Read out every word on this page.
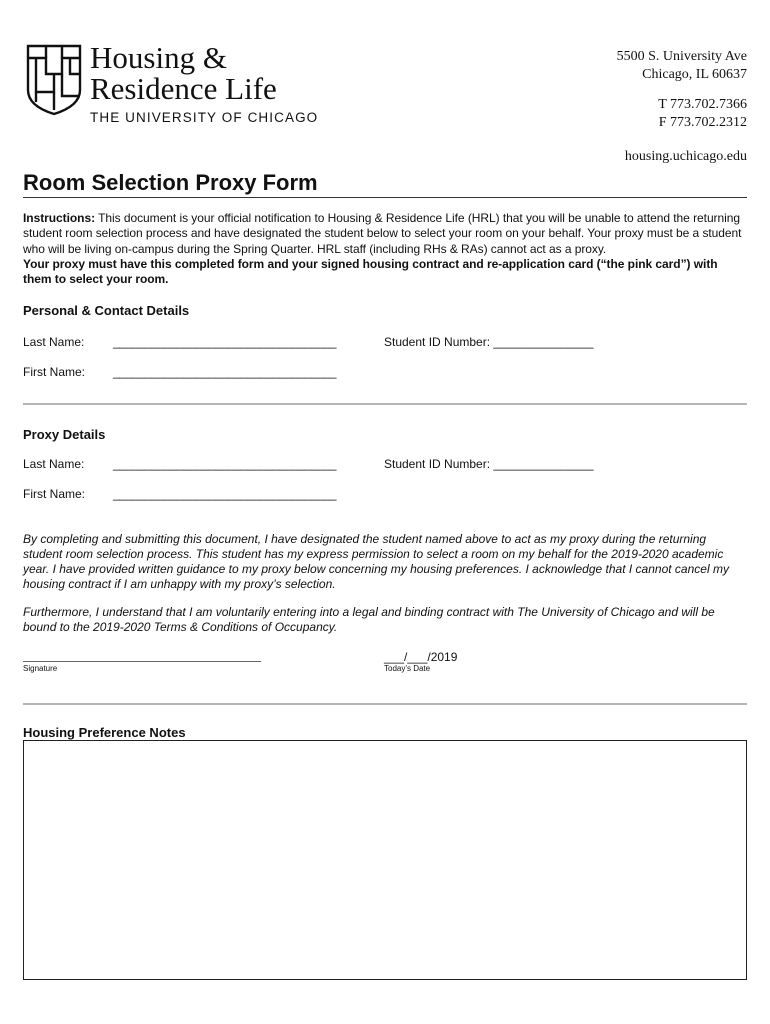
Housing &
Residence Life
THE UNIVERSITY OF CHICAGO
5500 S. University Ave
Chicago, IL 60637
T 773.702.7366
F 773.702.2312
housing.uchicago.edu
Room Selection Proxy Form
Instructions: This document is your official notification to Housing & Residence Life (HRL) that you will be unable to attend the returning student room selection process and have designated the student below to select your room on your behalf. Your proxy must be a student who will be living on-campus during the Spring Quarter. HRL staff (including RHs & RAs) cannot act as a proxy.
Your proxy must have this completed form and your signed housing contract and re-application card (“the pink card”) with them to select your room.
Personal & Contact Details
Last Name: ___________________________________	Student ID Number: _______________
First Name: ___________________________________
Proxy Details
Last Name: ___________________________________	Student ID Number: _______________
First Name: ___________________________________
By completing and submitting this document, I have designated the student named above to act as my proxy during the returning student room selection process. This student has my express permission to select a room on my behalf for the 2019-2020 academic year. I have provided written guidance to my proxy below concerning my housing preferences. I acknowledge that I cannot cancel my housing contract if I am unhappy with my proxy’s selection.
Furthermore, I understand that I am voluntarily entering into a legal and binding contract with The University of Chicago and will be bound to the 2019-2020 Terms & Conditions of Occupancy.
Signature
___/___/2019
Today’s Date
Housing Preference Notes
